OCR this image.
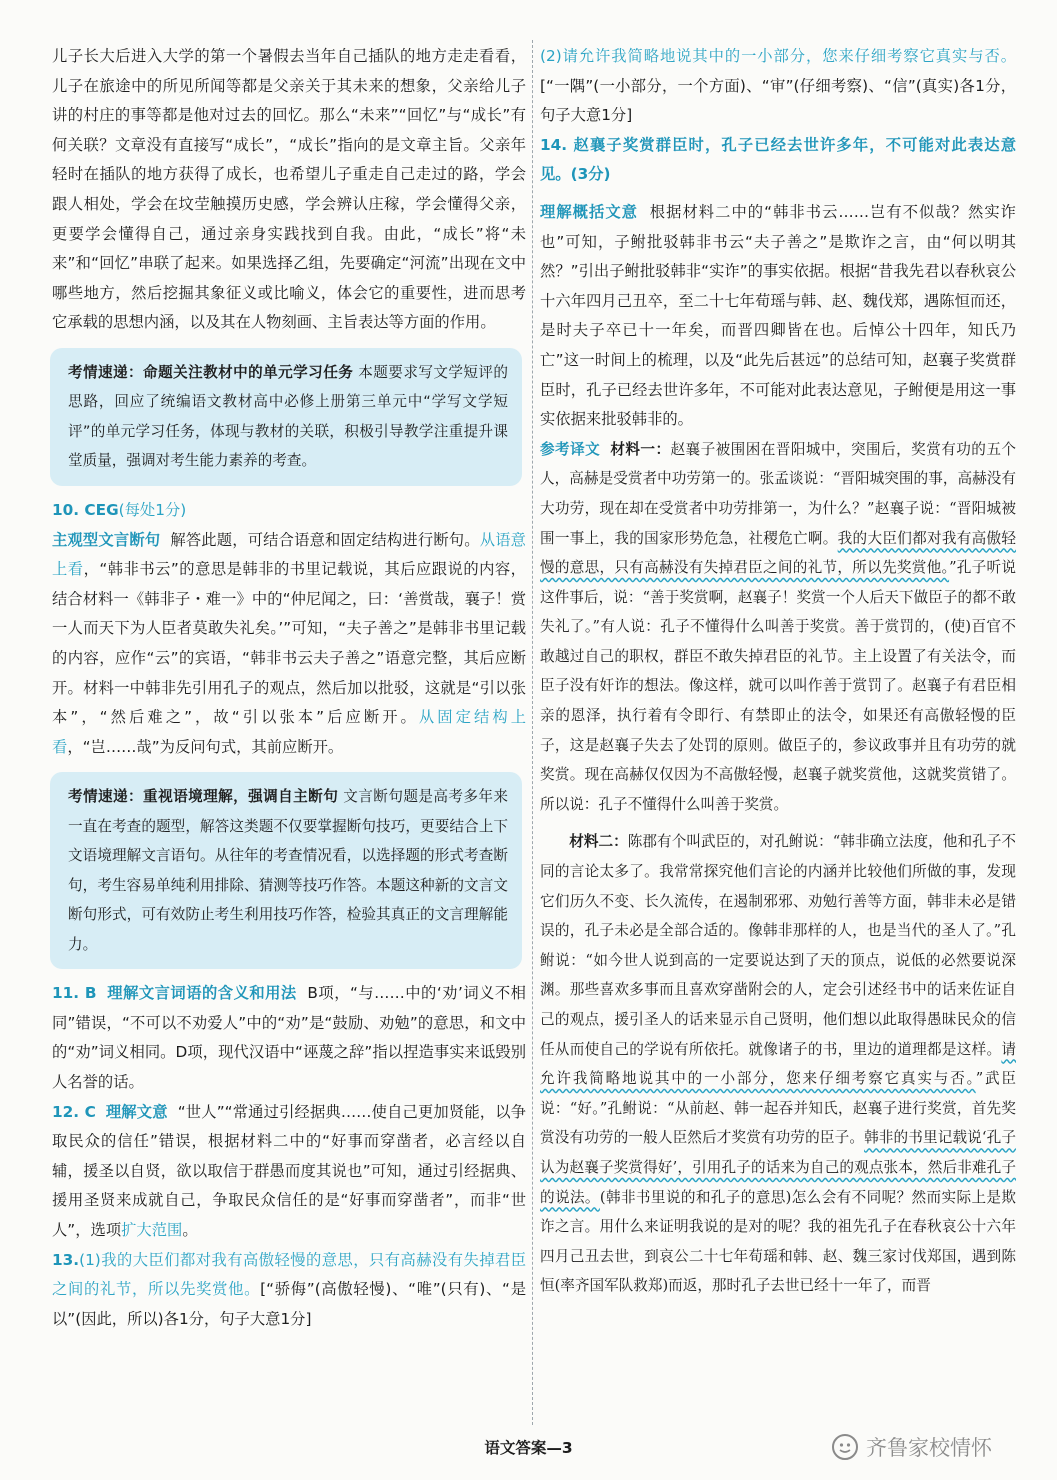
儿子长大后进入大学的第一个暑假去当年自己插队的地方走走看看，儿子在旅途中的所见所闻等都是父亲关于其未来的想象，父亲给儿子讲的村庄的事等都是他对过去的回忆。那么“未来”“回忆”与“成长”有何关联？文章没有直接写“成长”，“成长”指向的是文章主旨。父亲年轻时在插队的地方获得了成长，也希望儿子重走自己走过的路，学会跟人相处，学会在坟茔触摸历史感，学会辨认庄稼，学会懂得父亲，更要学会懂得自己，通过亲身实践找到自我。由此，“成长”将“未来”和“回忆”串联了起来。如果选择乙组，先要确定“河流”出现在文中哪些地方，然后挖掘其象征义或比喻义，体会它的重要性，进而思考它承载的思想内涵，以及其在人物刻画、主旨表达等方面的作用。

考情速递：命题关注教材中的单元学习任务 本题要求写文学短评的思路，回应了统编语文教材高中必修上册第三单元中“学写文学短评”的单元学习任务，体现与教材的关联，积极引导教学注重提升课堂质量，强调对考生能力素养的考查。

10. CEG(每处1分)

主观型文言断句 解答此题，可结合语意和固定结构进行断句。从语意上看，“韩非书云”的意思是韩非的书里记载说，其后应跟说的内容，结合材料一《韩非子・难一》中的“仲尼闻之，曰：‘善赏哉，襄子！赏一人而天下为人臣者莫敢失礼矣。’”可知，“夫子善之”是韩非书里记载的内容，应作“云”的宾语，“韩非书云夫子善之”语意完整，其后应断开。材料一中韩非先引用孔子的观点，然后加以批驳，这就是“引以张本”，“然后难之”，故“引以张本”后应断开。从固定结构上看，“岂……哉”为反问句式，其前应断开。

考情速递：重视语境理解，强调自主断句 文言断句题是高考多年来一直在考查的题型，解答这类题不仅要掌握断句技巧，更要结合上下文语境理解文言语句。从往年的考查情况看，以选择题的形式考查断句，考生容易单纯利用排除、猜测等技巧作答。本题这种新的文言文断句形式，可有效防止考生利用技巧作答，检验其真正的文言理解能力。

11. B 理解文言词语的含义和用法 B项，“与……中的‘劝’词义不相同”错误，“不可以不劝爱人”中的“劝”是“鼓励、劝勉”的意思，和文中的“劝”词义相同。D项，现代汉语中“诬蔑之辞”指以捏造事实来诋毁别人名誉的话。

12. C 理解文意 “世人”“常通过引经据典……使自己更加贤能，以争取民众的信任”错误，根据材料二中的“好事而穿凿者，必言经以自辅，援圣以自贤，欲以取信于群愚而度其说也”可知，通过引经据典、援用圣贤来成就自己，争取民众信任的是“好事而穿凿者”，而非“世人”，选项扩大范围。

13.(1)我的大臣们都对我有高傲轻慢的意思，只有高赫没有失掉君臣之间的礼节，所以先奖赏他。[“骄侮”(高傲轻慢)、“唯”(只有)、“是以”(因此，所以)各1分，句子大意1分]

(2)请允许我简略地说其中的一小部分，您来仔细考察它真实与否。[“一隅”(一小部分，一个方面)、“审”(仔细考察)、“信”(真实)各1分，句子大意1分]

14. 赵襄子奖赏群臣时，孔子已经去世许多年，不可能对此表达意见。(3分)

理解概括文意 根据材料二中的“韩非书云……岂有不似哉？然实诈也”可知，子鲋批驳韩非书云“夫子善之”是欺诈之言，由“何以明其然？”引出子鲋批驳韩非“实诈”的事实依据。根据“昔我先君以春秋哀公十六年四月己丑卒，至二十七年荀瑶与韩、赵、魏伐郑，遇陈恒而还，是时夫子卒已十一年矣，而晋四卿皆在也。后悼公十四年，知氏乃亡”这一时间上的梳理，以及“此先后甚远”的总结可知，赵襄子奖赏群臣时，孔子已经去世许多年，不可能对此表达意见，子鲋便是用这一事实依据来批驳韩非的。

参考译文 材料一：赵襄子被围困在晋阳城中，突围后，奖赏有功的五个人，高赫是受赏者中功劳第一的。张孟谈说：“晋阳城突围的事，高赫没有大功劳，现在却在受赏者中功劳排第一，为什么？”赵襄子说：“晋阳城被围一事上，我的国家形势危急，社稷危亡啊。我的大臣们都对我有高傲轻慢的意思，只有高赫没有失掉君臣之间的礼节，所以先奖赏他。”孔子听说这件事后，说：“善于奖赏啊，赵襄子！奖赏一个人后天下做臣子的都不敢失礼了。”有人说：孔子不懂得什么叫善于奖赏。善于赏罚的，(使)百官不敢越过自己的职权，群臣不敢失掉君臣的礼节。主上设置了有关法令，而臣子没有奸诈的想法。像这样，就可以叫作善于赏罚了。赵襄子有君臣相亲的恩泽，执行着有令即行、有禁即止的法令，如果还有高傲轻慢的臣子，这是赵襄子失去了处罚的原则。做臣子的，参议政事并且有功劳的就奖赏。现在高赫仅仅因为不高傲轻慢，赵襄子就奖赏他，这就奖赏错了。所以说：孔子不懂得什么叫善于奖赏。

材料二：陈郡有个叫武臣的，对孔鲋说：“韩非确立法度，他和孔子不同的言论太多了。我常常探究他们言论的内涵并比较他们所做的事，发现它们历久不变、长久流传，在遏制邪邪、劝勉行善等方面，韩非未必是错误的，孔子未必是全部合适的。像韩非那样的人，也是当代的圣人了。”孔鲋说：“如今世人说到高的一定要说达到了天的顶点，说低的必然要说深渊。那些喜欢多事而且喜欢穿凿附会的人，定会引述经书中的话来佐证自己的观点，援引圣人的话来显示自己贤明，他们想以此取得愚昧民众的信任从而使自己的学说有所依托。就像诸子的书，里边的道理都是这样。请允许我简略地说其中的一小部分，您来仔细考察它真实与否。”武臣说：“好。”孔鲋说：“从前赵、韩一起吞并知氏，赵襄子进行奖赏，首先奖赏没有功劳的一般人臣然后才奖赏有功劳的臣子。韩非的书里记载说‘孔子认为赵襄子奖赏得好’，引用孔子的话来为自己的观点张本，然后非难孔子的说法。(韩非书里说的和孔子的意思)怎么会有不同呢？然而实际上是欺诈之言。用什么来证明我说的是对的呢？我的祖先孔子在春秋哀公十六年四月己丑去世，到哀公二十七年荀瑶和韩、赵、魏三家讨伐郑国，遇到陈恒(率齐国军队救郑)而返，那时孔子去世已经十一年了，而晋

语文答案—3	齐鲁家校情怀
